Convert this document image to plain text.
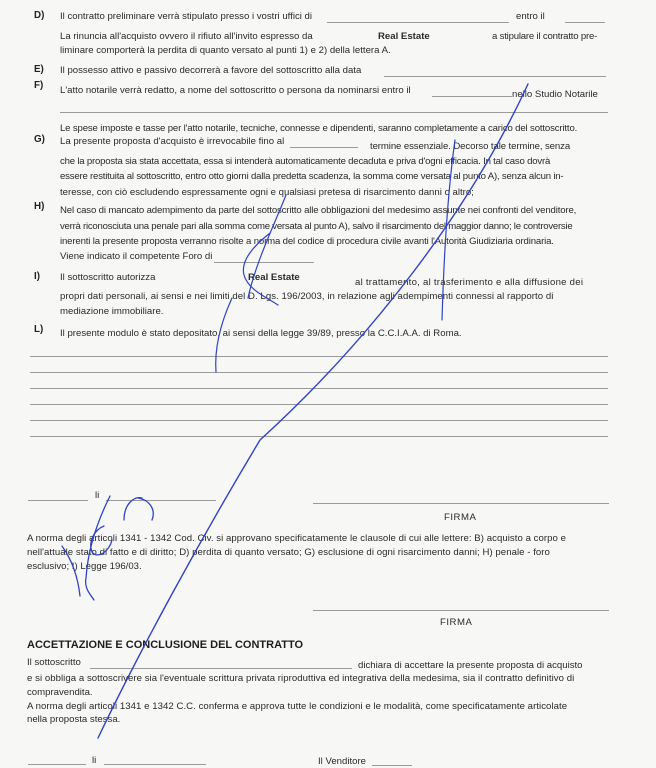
D) Il contratto preliminare verrà stipulato presso i vostri uffici di	entro il
La rinuncia all'acquisto ovvero il rifiuto all'invito espresso da	Real Estate	a stipulare il contratto pre-
liminare comporterà la perdita di quanto versato al punti 1) e 2) della lettera A.
E) Il possesso attivo e passivo decorrerà a favore del sottoscritto alla data
F) L'atto notarile verrà redatto, a nome del sottoscritto o persona da nominarsi entro il	nello Studio Notarile
Le spese imposte e tasse per l'atto notarile, tecniche, connesse e dipendenti, saranno completamente a carico del sottoscritto.
G) La presente proposta d'acquisto è irrevocabile fino al	termine essenziale. Decorso tale termine, senza
che la proposta sia stata accettata, essa si intenderà automaticamente decaduta e priva d'ogni efficacia. In tal caso dovrà
essere restituita al sottoscritto, entro otto giorni dalla predetta scadenza, la somma come versata al punto A), senza alcun in-
teresse, con ciò escludendo espressamente ogni e qualsiasi pretesa di risarcimento danni o altro;
H) Nel caso di mancato adempimento da parte del sottoscritto alle obbligazioni del medesimo assunte nei confronti del venditore,
verrà riconosciuta una penale pari alla somma come versata al punto A), salvo il risarcimento del maggior danno; le controversie
inerenti la presente proposta verranno risolte a norma del codice di procedura civile avanti l'Autorità Giudiziaria ordinaria.
Viene indicato il competente Foro di
I) Il sottoscritto autorizza	Real Estate	al trattamento, al trasferimento e alla diffusione dei
propri dati personali, ai sensi e nei limiti del D. Lgs. 196/2003, in relazione agli adempimenti connessi al rapporto di
mediazione immobiliare.
L) Il presente modulo è stato depositato, ai sensi della legge 39/89, presso la C.C.I.A.A. di Roma.
li
FIRMA
A norma degli articoli 1341 - 1342 Cod. Civ. si approvano specificatamente le clausole di cui alle lettere: B) acquisto a corpo e
nell'attuale stato di fatto e di diritto; D) perdita di quanto versato; G) esclusione di ogni risarcimento danni; H) penale - foro
esclusivo; I) Legge 196/03.
FIRMA
ACCETTAZIONE E CONCLUSIONE DEL CONTRATTO
Il sottoscritto	dichiara di accettare la presente proposta di acquisto
e si obbliga a sottoscrivere sia l'eventuale scrittura privata riproduttiva ed integrativa della medesima, sia il contratto definitivo di
compravendita.
A norma degli articoli 1341 e 1342 C.C. conferma e approva tutte le condizioni e le modalità, come specificatamente articolate
nella proposta stessa.
li	Il Venditore
